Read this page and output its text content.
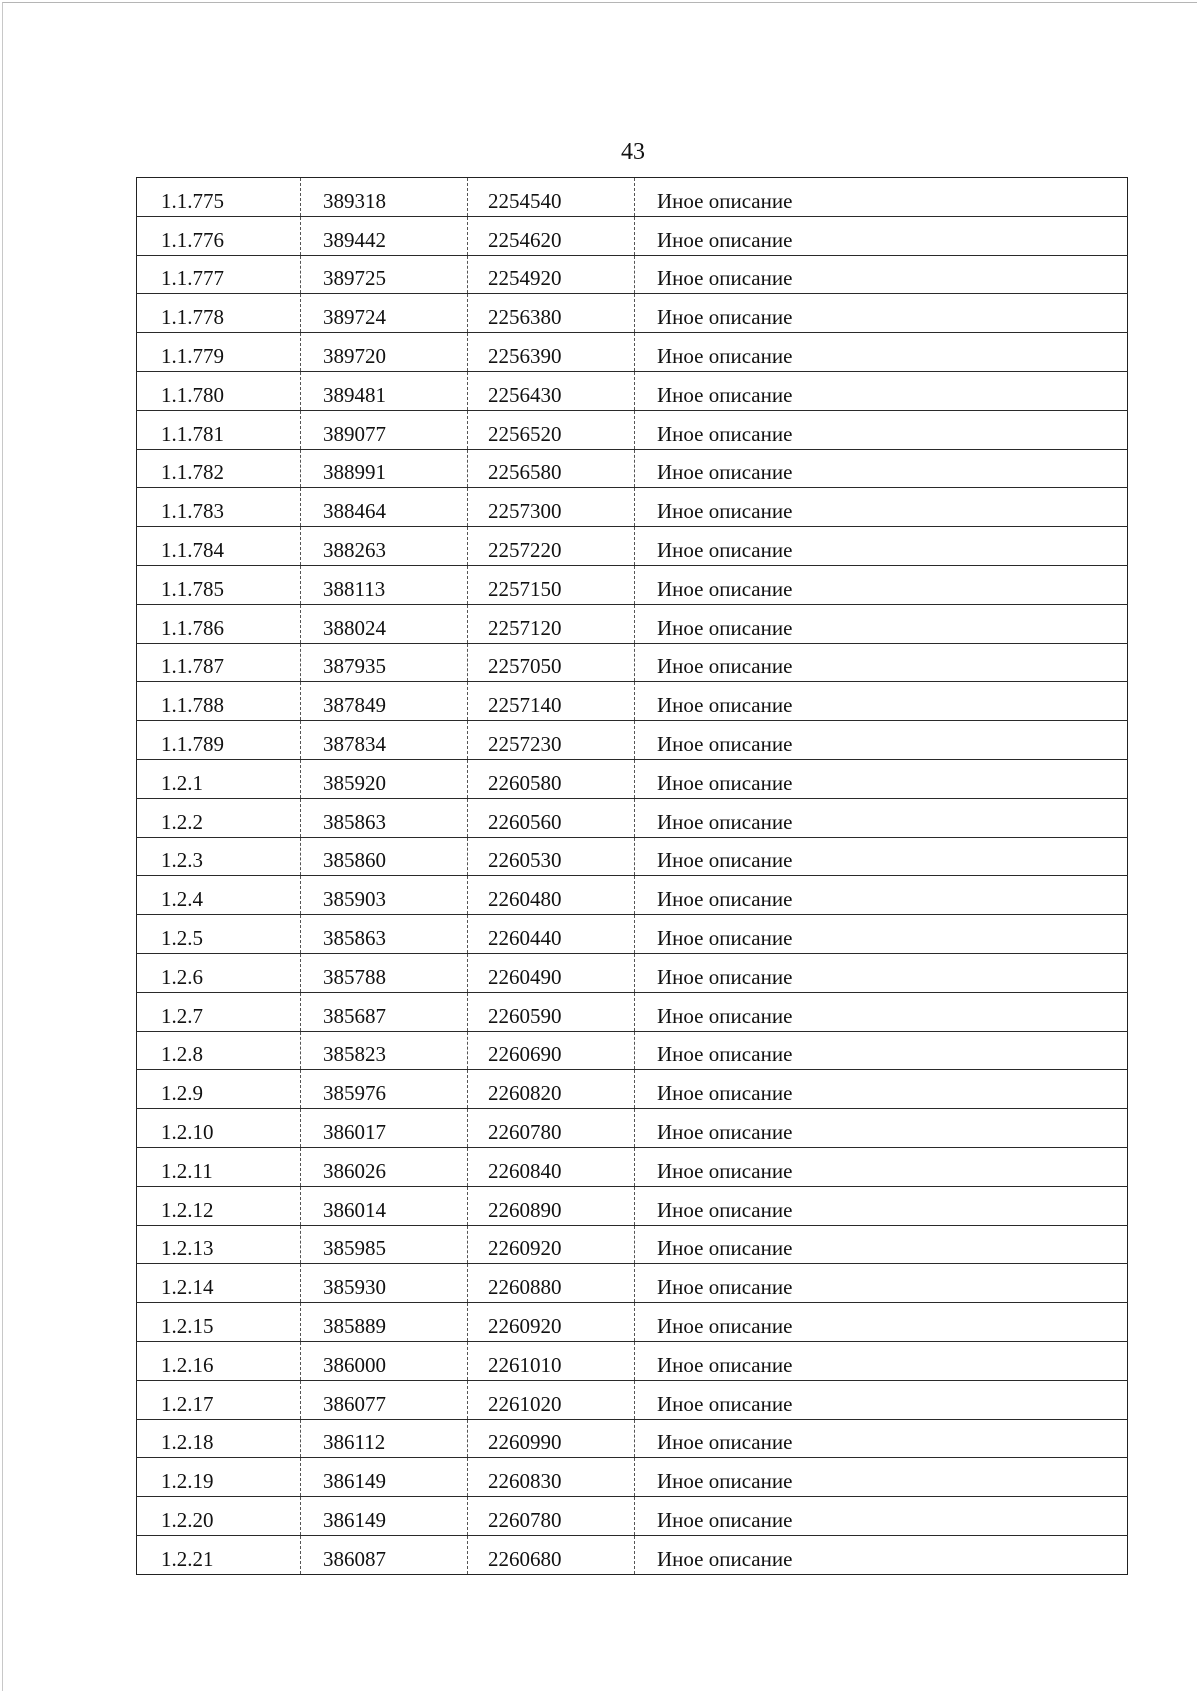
43
1.1.775	389318	2254540	Иное описание
1.1.776	389442	2254620	Иное описание
1.1.777	389725	2254920	Иное описание
1.1.778	389724	2256380	Иное описание
1.1.779	389720	2256390	Иное описание
1.1.780	389481	2256430	Иное описание
1.1.781	389077	2256520	Иное описание
1.1.782	388991	2256580	Иное описание
1.1.783	388464	2257300	Иное описание
1.1.784	388263	2257220	Иное описание
1.1.785	388113	2257150	Иное описание
1.1.786	388024	2257120	Иное описание
1.1.787	387935	2257050	Иное описание
1.1.788	387849	2257140	Иное описание
1.1.789	387834	2257230	Иное описание
1.2.1	385920	2260580	Иное описание
1.2.2	385863	2260560	Иное описание
1.2.3	385860	2260530	Иное описание
1.2.4	385903	2260480	Иное описание
1.2.5	385863	2260440	Иное описание
1.2.6	385788	2260490	Иное описание
1.2.7	385687	2260590	Иное описание
1.2.8	385823	2260690	Иное описание
1.2.9	385976	2260820	Иное описание
1.2.10	386017	2260780	Иное описание
1.2.11	386026	2260840	Иное описание
1.2.12	386014	2260890	Иное описание
1.2.13	385985	2260920	Иное описание
1.2.14	385930	2260880	Иное описание
1.2.15	385889	2260920	Иное описание
1.2.16	386000	2261010	Иное описание
1.2.17	386077	2261020	Иное описание
1.2.18	386112	2260990	Иное описание
1.2.19	386149	2260830	Иное описание
1.2.20	386149	2260780	Иное описание
1.2.21	386087	2260680	Иное описание
